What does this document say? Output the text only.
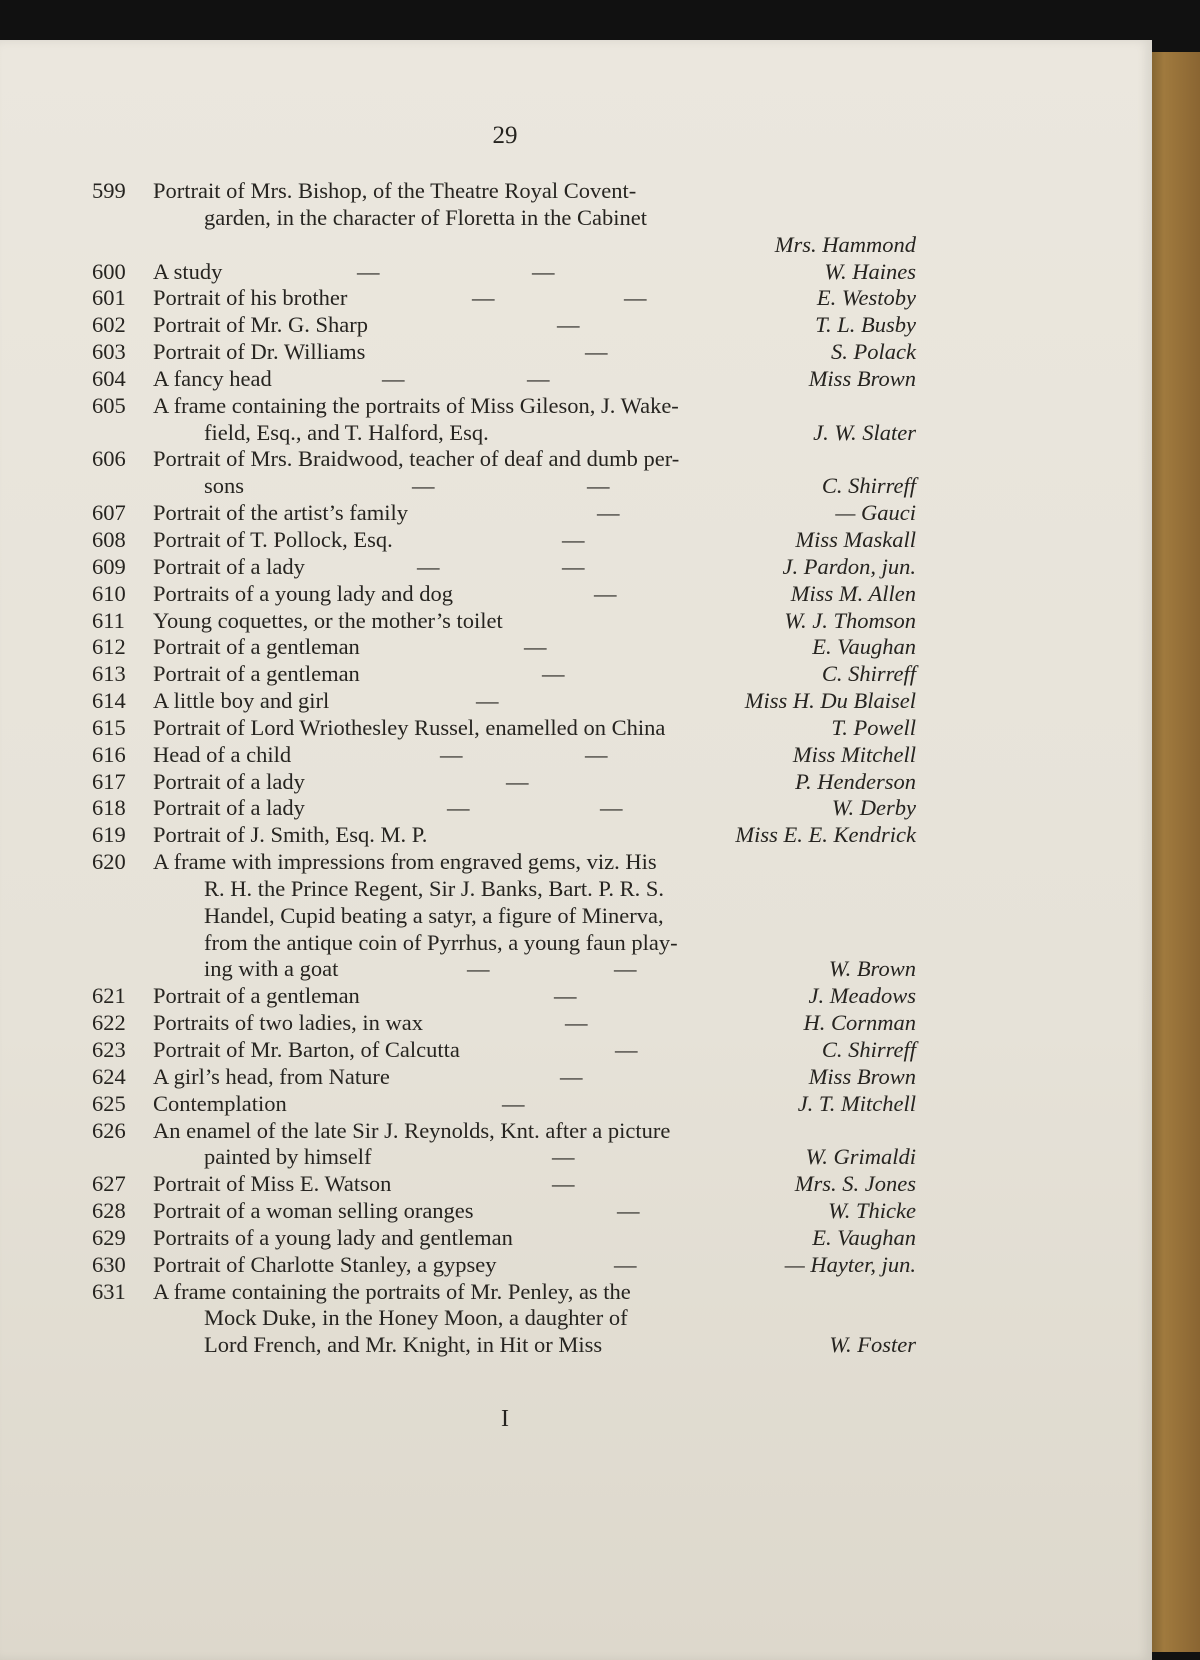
29
599	Portrait of Mrs. Bishop, of the Theatre Royal Covent-
garden, in the character of Floretta in the Cabinet
Mrs. Hammond
600	A study	—	—	W. Haines
601	Portrait of his brother	—	—	E. Westoby
602	Portrait of Mr. G. Sharp	—	T. L. Busby
603	Portrait of Dr. Williams	—	S. Polack
604	A fancy head	—	—	Miss Brown
605	A frame containing the portraits of Miss Gileson, J. Wake-
field, Esq., and T. Halford, Esq.	J. W. Slater
606	Portrait of Mrs. Braidwood, teacher of deaf and dumb per-
sons	—	—	C. Shirreff
607	Portrait of the artist’s family	—	— Gauci
608	Portrait of T. Pollock, Esq.	—	Miss Maskall
609	Portrait of a lady	—	—	J. Pardon, jun.
610	Portraits of a young lady and dog	—	Miss M. Allen
611	Young coquettes, or the mother’s toilet	W. J. Thomson
612	Portrait of a gentleman	—	E. Vaughan
613	Portrait of a gentleman	—	C. Shirreff
614	A little boy and girl	—	Miss H. Du Blaisel
615	Portrait of Lord Wriothesley Russel, enamelled on China	T. Powell
616	Head of a child	—	—	Miss Mitchell
617	Portrait of a lady	—	P. Henderson
618	Portrait of a lady	—	—	W. Derby
619	Portrait of J. Smith, Esq. M. P.	Miss E. E. Kendrick
620	A frame with impressions from engraved gems, viz. His
R. H. the Prince Regent, Sir J. Banks, Bart. P. R. S.
Handel, Cupid beating a satyr, a figure of Minerva,
from the antique coin of Pyrrhus, a young faun play-
ing with a goat	—	—	W. Brown
621	Portrait of a gentleman	—	J. Meadows
622	Portraits of two ladies, in wax	—	H. Cornman
623	Portrait of Mr. Barton, of Calcutta	—	C. Shirreff
624	A girl’s head, from Nature	—	Miss Brown
625	Contemplation	—	J. T. Mitchell
626	An enamel of the late Sir J. Reynolds, Knt. after a picture
painted by himself	—	W. Grimaldi
627	Portrait of Miss E. Watson	—	Mrs. S. Jones
628	Portrait of a woman selling oranges	—	W. Thicke
629	Portraits of a young lady and gentleman	E. Vaughan
630	Portrait of Charlotte Stanley, a gypsey	—	— Hayter, jun.
631	A frame containing the portraits of Mr. Penley, as the
Mock Duke, in the Honey Moon, a daughter of
Lord French, and Mr. Knight, in Hit or Miss	W. Foster
I
